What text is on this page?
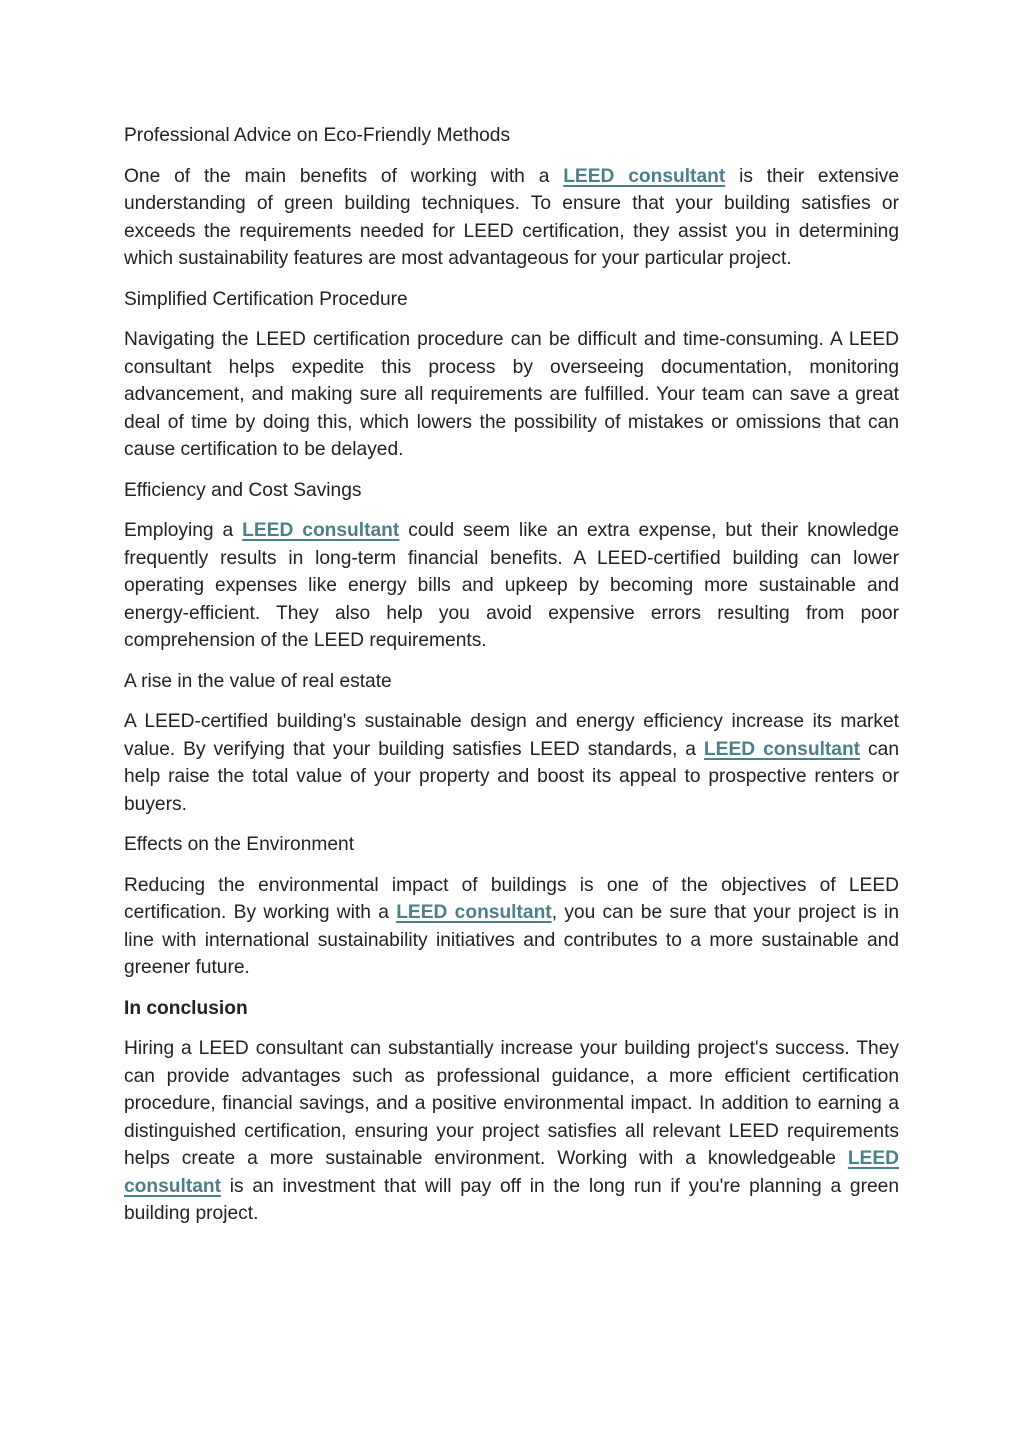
Professional Advice on Eco-Friendly Methods

One of the main benefits of working with a LEED consultant is their extensive understanding of green building techniques. To ensure that your building satisfies or exceeds the requirements needed for LEED certification, they assist you in determining which sustainability features are most advantageous for your particular project.

Simplified Certification Procedure

Navigating the LEED certification procedure can be difficult and time-consuming. A LEED consultant helps expedite this process by overseeing documentation, monitoring advancement, and making sure all requirements are fulfilled. Your team can save a great deal of time by doing this, which lowers the possibility of mistakes or omissions that can cause certification to be delayed.

Efficiency and Cost Savings

Employing a LEED consultant could seem like an extra expense, but their knowledge frequently results in long-term financial benefits. A LEED-certified building can lower operating expenses like energy bills and upkeep by becoming more sustainable and energy-efficient. They also help you avoid expensive errors resulting from poor comprehension of the LEED requirements.

A rise in the value of real estate

A LEED-certified building's sustainable design and energy efficiency increase its market value. By verifying that your building satisfies LEED standards, a LEED consultant can help raise the total value of your property and boost its appeal to prospective renters or buyers.

Effects on the Environment

Reducing the environmental impact of buildings is one of the objectives of LEED certification. By working with a LEED consultant, you can be sure that your project is in line with international sustainability initiatives and contributes to a more sustainable and greener future.

In conclusion

Hiring a LEED consultant can substantially increase your building project's success. They can provide advantages such as professional guidance, a more efficient certification procedure, financial savings, and a positive environmental impact. In addition to earning a distinguished certification, ensuring your project satisfies all relevant LEED requirements helps create a more sustainable environment. Working with a knowledgeable LEED consultant is an investment that will pay off in the long run if you're planning a green building project.
